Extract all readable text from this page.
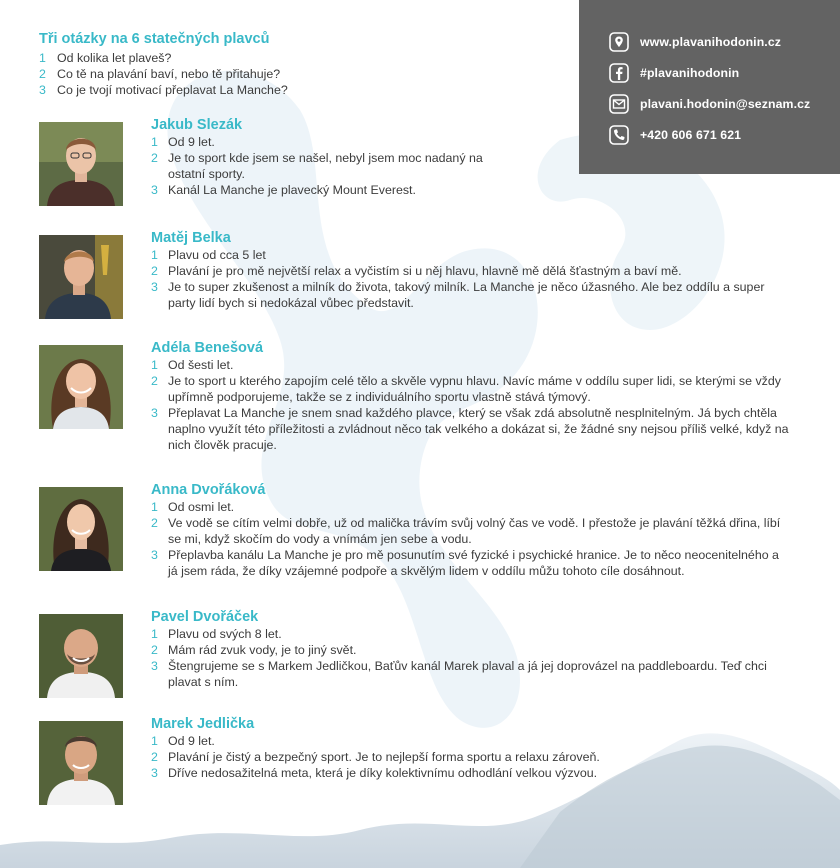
Tři otázky na 6 statečných plavců
1 Od kolika let plaveš?
2 Co tě na plavání baví, nebo tě přitahuje?
3 Co je tvojí motivací přeplavat La Manche?
www.plavanihodonin.cz
#plavanihodonin
plavani.hodonin@seznam.cz
+420 606 671 621
Jakub Slezák
1 Od 9 let.
2 Je to sport kde jsem se našel, nebyl jsem moc nadaný na ostatní sporty.
3 Kanál La Manche je plavecký Mount Everest.
Matěj Belka
1 Plavu od cca 5 let
2 Plavání je pro mě největší relax a vyčistím si u něj hlavu, hlavně mě dělá šťastným a baví mě.
3 Je to super zkušenost a milník do života, takový milník. La Manche je něco úžasného. Ale bez oddílu a super party lidí bych si nedokázal vůbec představit.
Adéla Benešová
1 Od šesti let.
2 Je to sport u kterého zapojím celé tělo a skvěle vypnu hlavu. Navíc máme v oddílu super lidi, se kterými se vždy upřímně podporujeme, takže se z individuálního sportu vlastně stává týmový.
3 Přeplavat La Manche je snem snad každého plavce, který se však zdá absolutně nesplnitelným. Já bych chtěla naplno využít této příležitosti a zvládnout něco tak velkého a dokázat si, že žádné sny nejsou příliš velké, když na nich člověk pracuje.
Anna Dvořáková
1 Od osmi let.
2 Ve vodě se cítím velmi dobře, už od malička trávím svůj volný čas ve vodě. I přestože je plavání těžká dřina, líbí se mi, když skočím do vody a vnímám jen sebe a vodu.
3 Přeplavba kanálu La Manche je pro mě posunutím své fyzické i psychické hranice. Je to něco neocenitelného a já jsem ráda, že díky vzájemné podpoře a skvělým lidem v oddílu můžu tohoto cíle dosáhnout.
Pavel Dvořáček
1 Plavu od svých 8 let.
2 Mám rád zvuk vody, je to jiný svět.
3 Štengrujeme se s Markem Jedličkou, Baťův kanál Marek plaval a já jej doprovázel na paddleboardu. Teď chci plavat s ním.
Marek Jedlička
1 Od 9 let.
2 Plavání je čistý a bezpečný sport. Je to nejlepší forma sportu a relaxu zároveň.
3 Dříve nedosažitelná meta, která je díky kolektivnímu odhodlání velkou výzvou.
